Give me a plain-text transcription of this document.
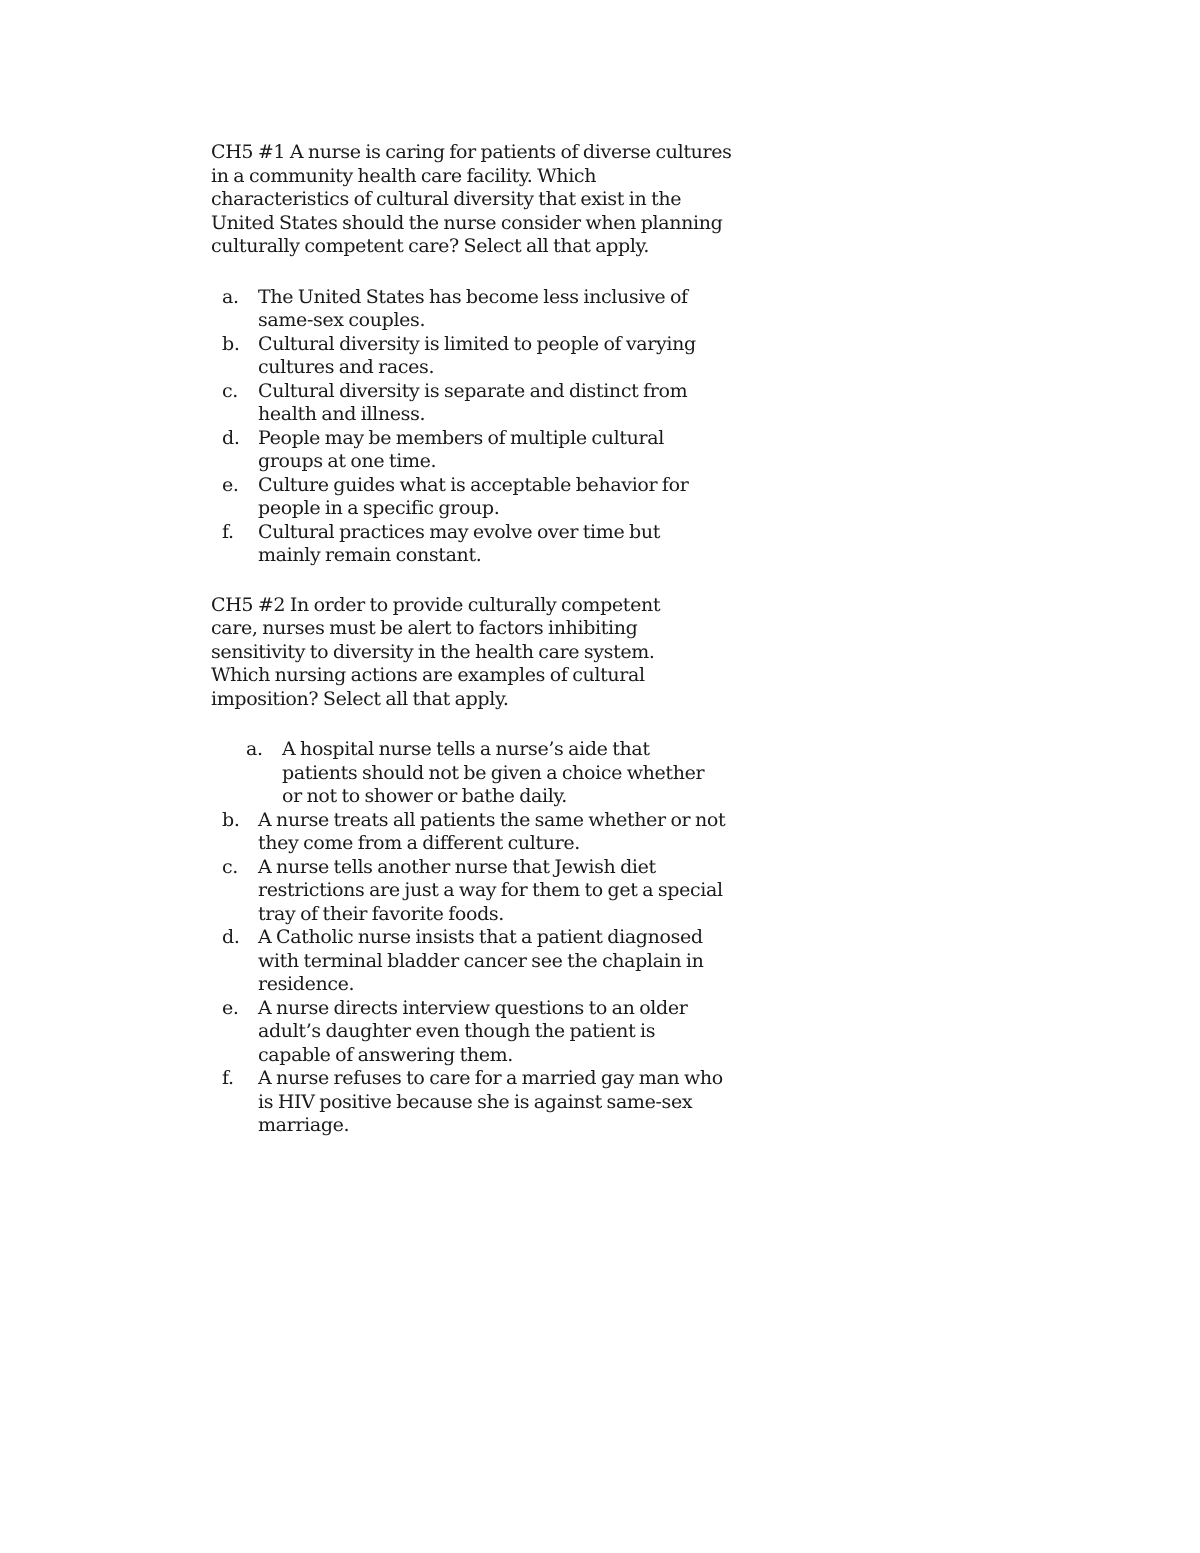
CH5 #1 A nurse is caring for patients of diverse cultures in a community health care facility. Which characteristics of cultural diversity that exist in the United States should the nurse consider when planning culturally competent care? Select all that apply.

a. The United States has become less inclusive of same-sex couples.
b. Cultural diversity is limited to people of varying cultures and races.
c. Cultural diversity is separate and distinct from health and illness.
d. People may be members of multiple cultural groups at one time.
e. Culture guides what is acceptable behavior for people in a specific group.
f. Cultural practices may evolve over time but mainly remain constant.

CH5 #2 In order to provide culturally competent care, nurses must be alert to factors inhibiting sensitivity to diversity in the health care system. Which nursing actions are examples of cultural imposition? Select all that apply.

a. A hospital nurse tells a nurse’s aide that patients should not be given a choice whether or not to shower or bathe daily.
b. A nurse treats all patients the same whether or not they come from a different culture.
c. A nurse tells another nurse that Jewish diet restrictions are just a way for them to get a special tray of their favorite foods.
d. A Catholic nurse insists that a patient diagnosed with terminal bladder cancer see the chaplain in residence.
e. A nurse directs interview questions to an older adult’s daughter even though the patient is capable of answering them.
f. A nurse refuses to care for a married gay man who is HIV positive because she is against same-sex marriage.
